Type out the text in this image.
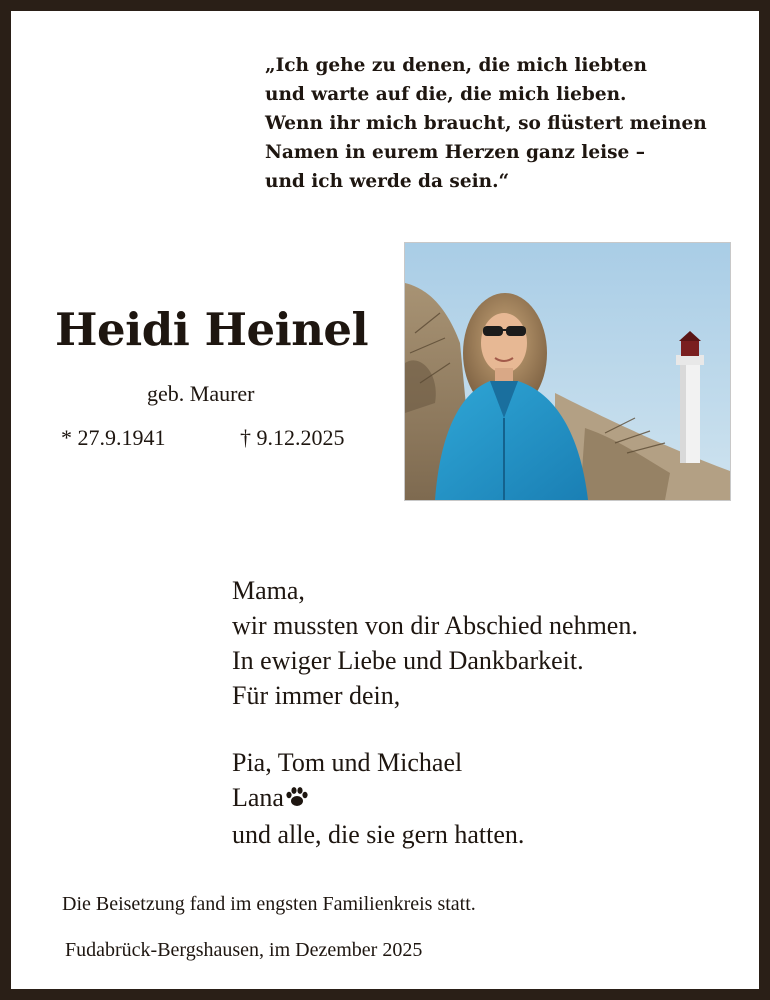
„Ich gehe zu denen, die mich liebten
und warte auf die, die mich lieben.
Wenn ihr mich braucht, so flüstert meinen
Namen in eurem Herzen ganz leise –
und ich werde da sein.“
Heidi Heinel
geb. Maurer
* 27.9.1941	† 9.12.2025
Mama,
wir mussten von dir Abschied nehmen.
In ewiger Liebe und Dankbarkeit.
Für immer dein,
Pia, Tom und Michael
Lana
und alle, die sie gern hatten.
Die Beisetzung fand im engsten Familienkreis statt.
Fudabrück-Bergshausen, im Dezember 2025
